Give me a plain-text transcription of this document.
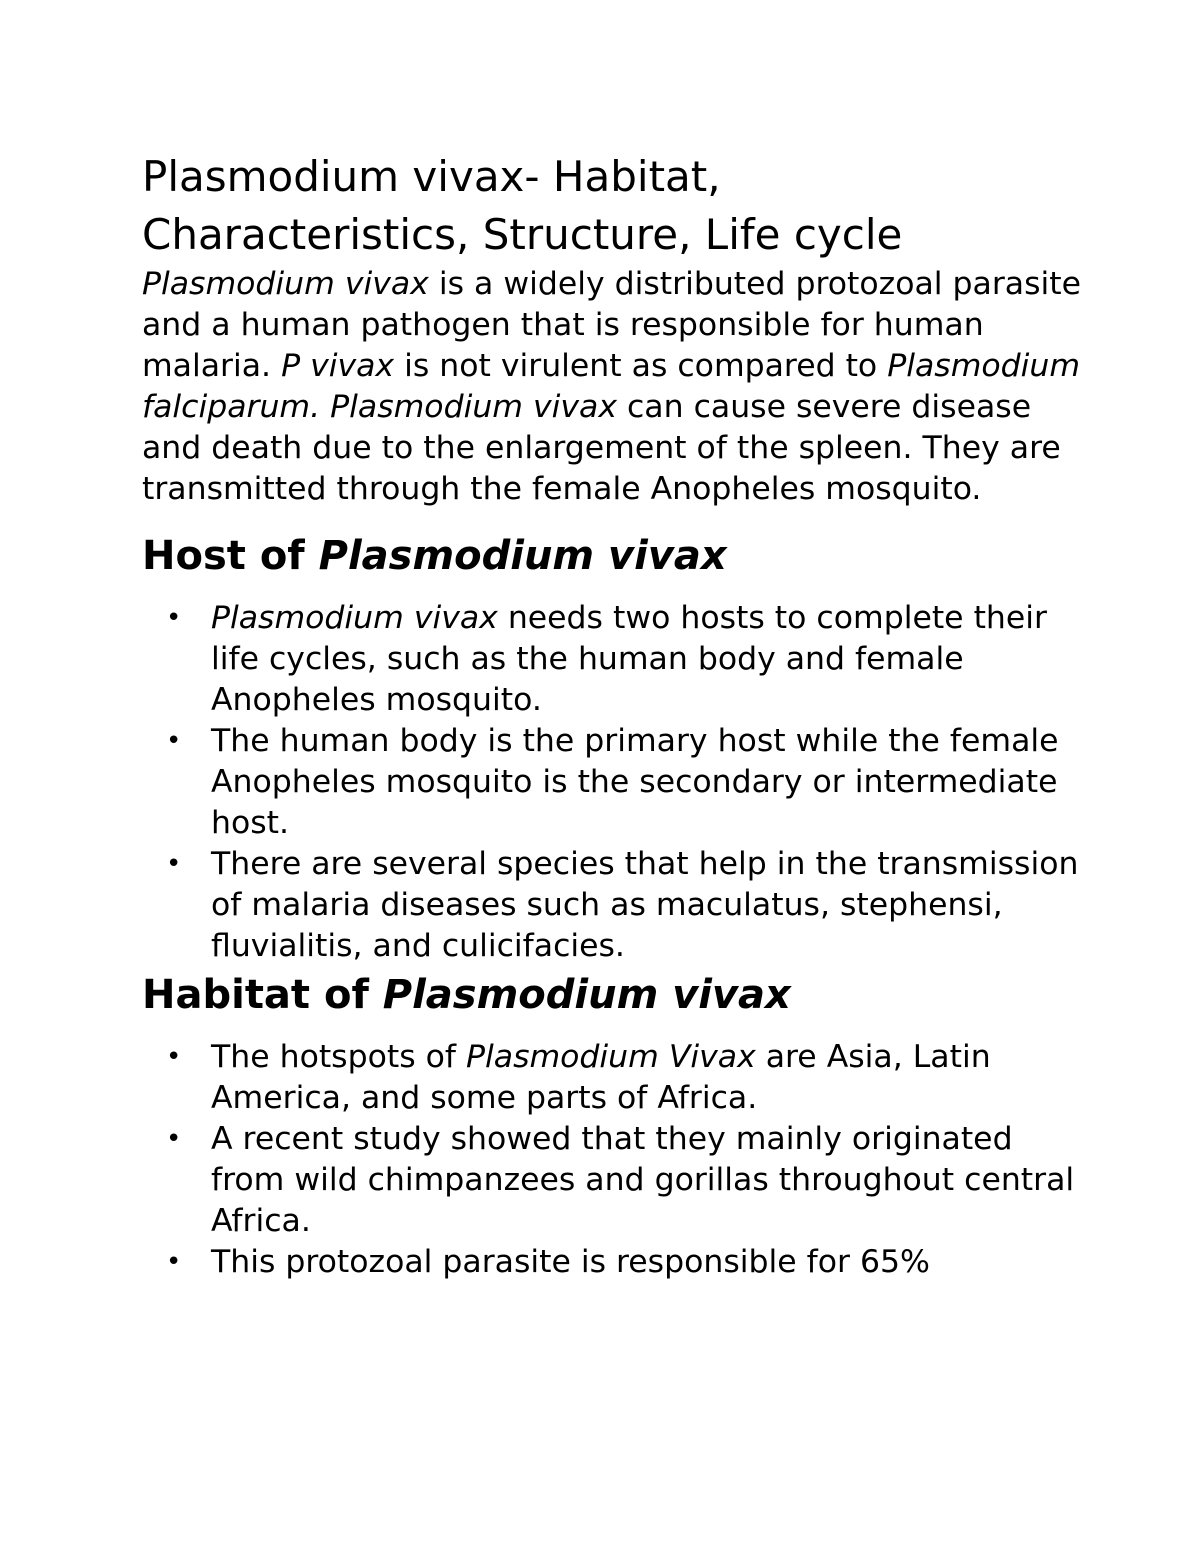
Plasmodium vivax- Habitat,
Characteristics, Structure, Life cycle

Plasmodium vivax is a widely distributed protozoal parasite and a human pathogen that is responsible for human malaria. P vivax is not virulent as compared to Plasmodium falciparum. Plasmodium vivax can cause severe disease and death due to the enlargement of the spleen. They are transmitted through the female Anopheles mosquito.

Host of Plasmodium vivax
• Plasmodium vivax needs two hosts to complete their life cycles, such as the human body and female Anopheles mosquito.
• The human body is the primary host while the female Anopheles mosquito is the secondary or intermediate host.
• There are several species that help in the transmission of malaria diseases such as maculatus, stephensi, fluvialitis, and culicifacies.
Habitat of Plasmodium vivax
• The hotspots of Plasmodium Vivax are Asia, Latin America, and some parts of Africa.
• A recent study showed that they mainly originated from wild chimpanzees and gorillas throughout central Africa.
• This protozoal parasite is responsible for 65%
